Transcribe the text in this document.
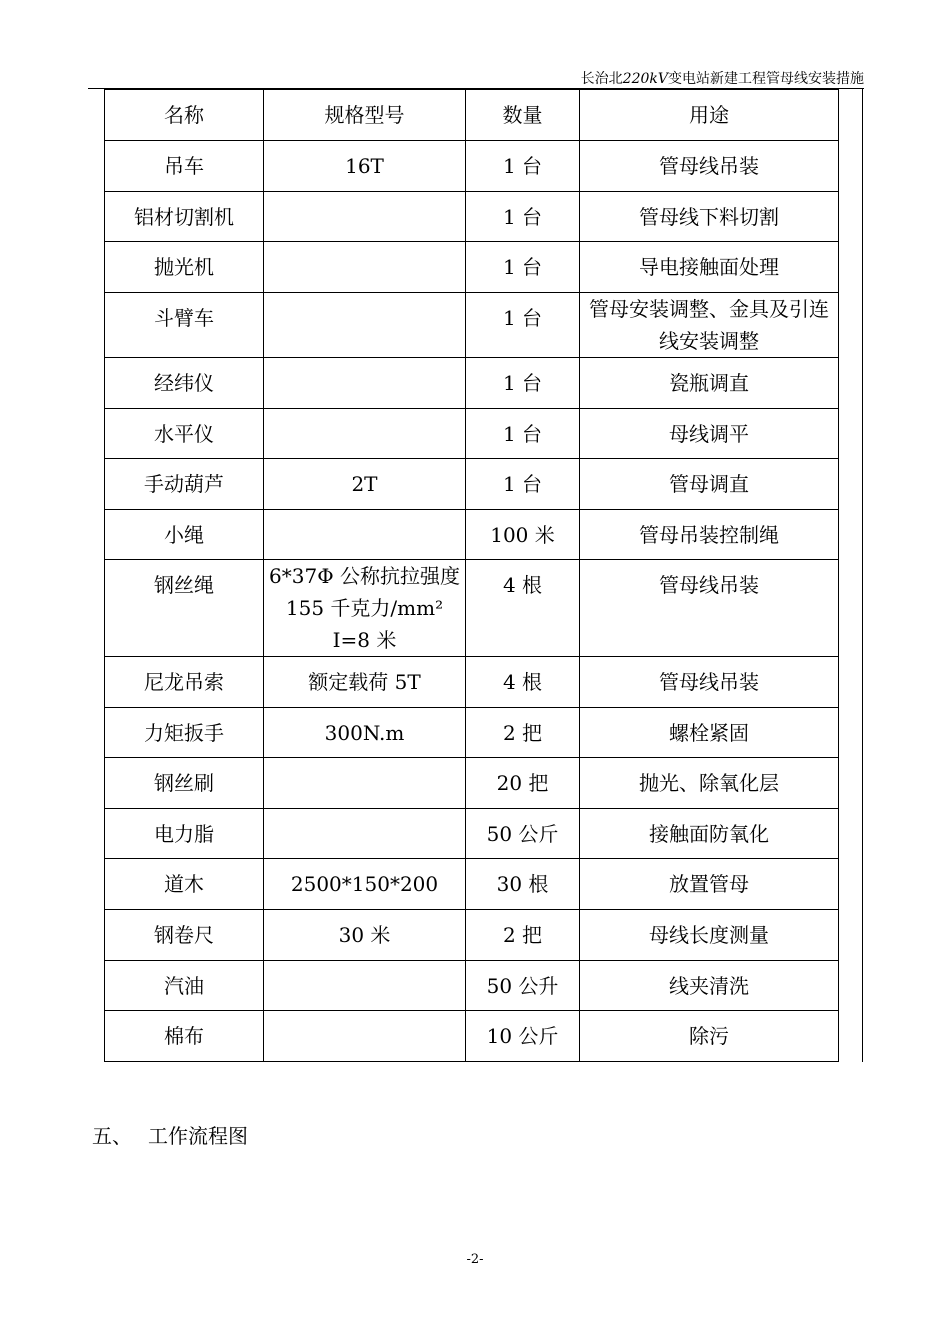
长治北220kV变电站新建工程管母线安装措施
名称	规格型号	数量	用途
吊车	16T	1 台	管母线吊装
铝材切割机		1 台	管母线下料切割
抛光机		1 台	导电接触面处理
斗臂车		1 台	管母安装调整、金具及引连线安装调整
经纬仪		1 台	瓷瓶调直
水平仪		1 台	母线调平
手动葫芦	2T	1 台	管母调直
小绳		100 米	管母吊装控制绳
钢丝绳	6*37Φ 公称抗拉强度 155 千克力/mm² I=8 米	4 根	管母线吊装
尼龙吊索	额定载荷 5T	4 根	管母线吊装
力矩扳手	300N.m	2 把	螺栓紧固
钢丝刷		20 把	抛光、除氧化层
电力脂		50 公斤	接触面防氧化
道木	2500*150*200	30 根	放置管母
钢卷尺	30 米	2 把	母线长度测量
汽油		50 公升	线夹清洗
棉布		10 公斤	除污
五、 工作流程图
-2-
